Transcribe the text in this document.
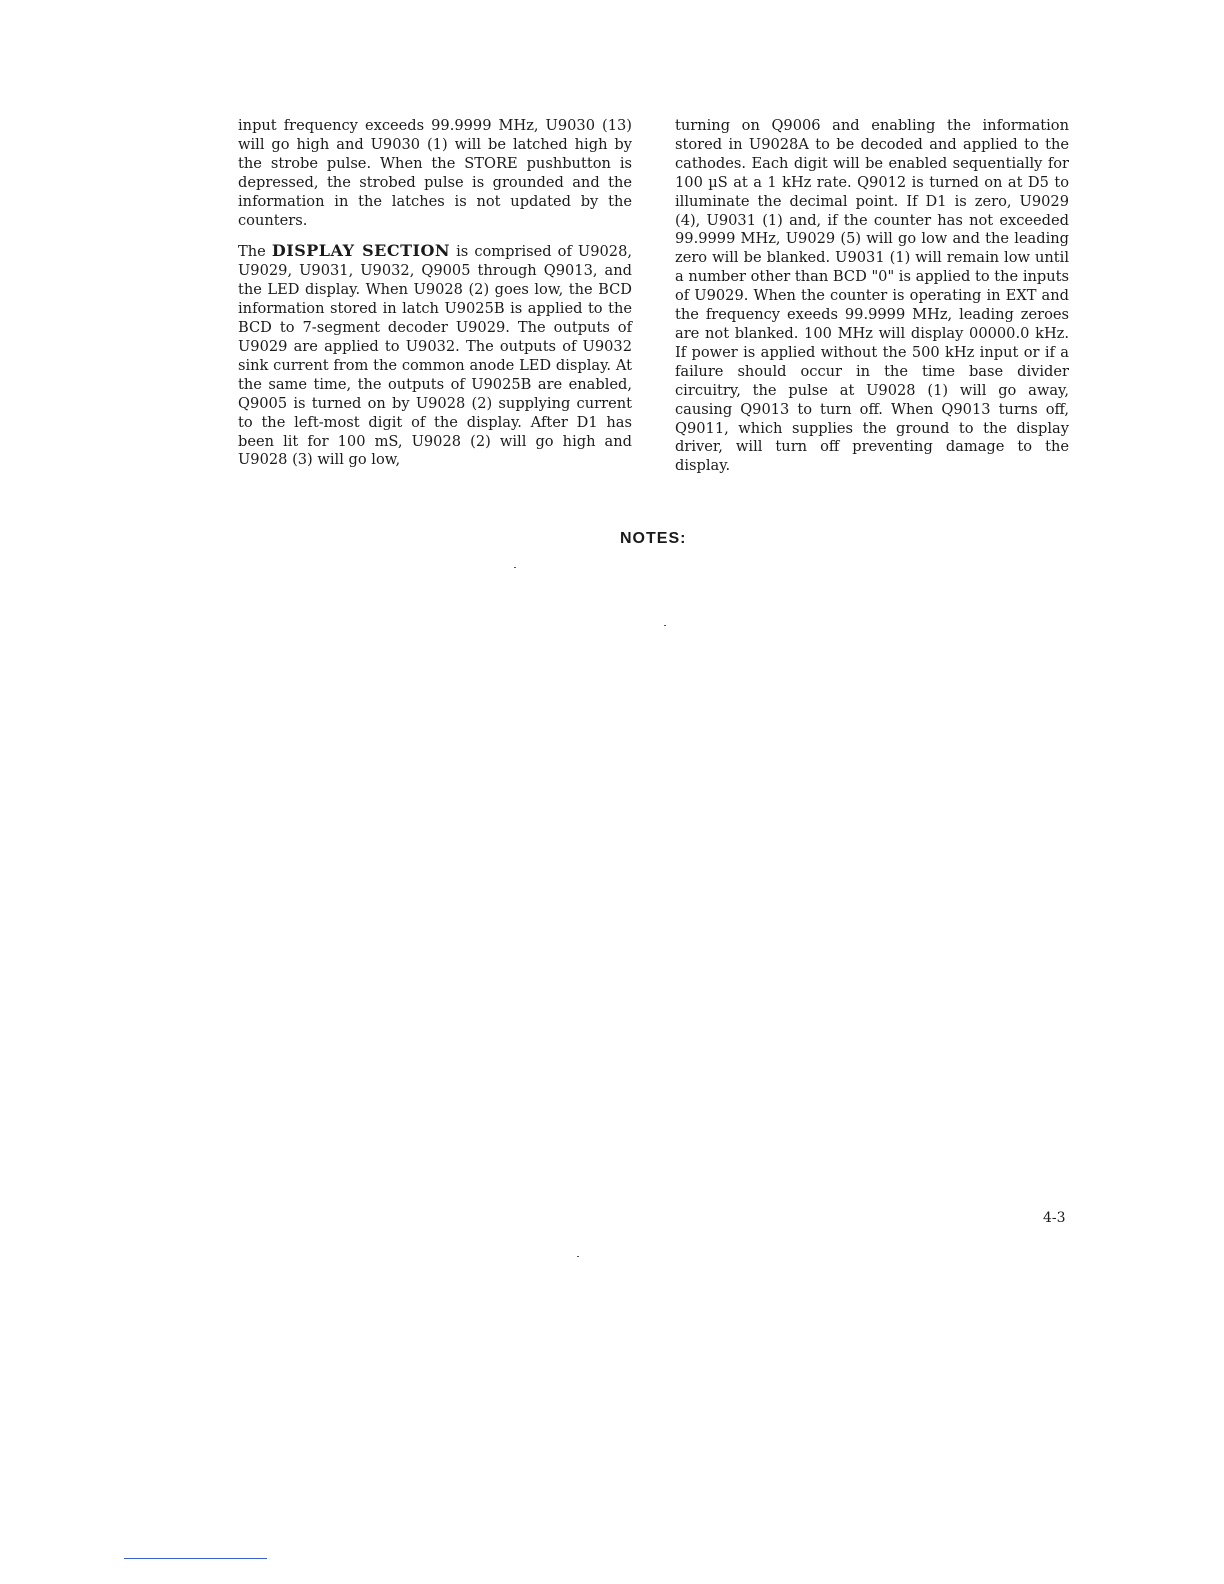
input frequency exceeds 99.9999 MHz, U9030 (13) will go high and U9030 (1) will be latched high by the strobe pulse. When the STORE pushbutton is depressed, the strobed pulse is grounded and the information in the latches is not updated by the counters.

The DISPLAY SECTION is comprised of U9028, U9029, U9031, U9032, Q9005 through Q9013, and the LED display. When U9028 (2) goes low, the BCD information stored in latch U9025B is applied to the BCD to 7-segment decoder U9029. The outputs of U9029 are applied to U9032. The outputs of U9032 sink current from the common anode LED display. At the same time, the outputs of U9025B are enabled, Q9005 is turned on by U9028 (2) supplying current to the left-most digit of the display. After D1 has been lit for 100 mS, U9028 (2) will go high and U9028 (3) will go low,

turning on Q9006 and enabling the information stored in U9028A to be decoded and applied to the cathodes. Each digit will be enabled sequentially for 100 µS at a 1 kHz rate. Q9012 is turned on at D5 to illuminate the decimal point. If D1 is zero, U9029 (4), U9031 (1) and, if the counter has not exceeded 99.9999 MHz, U9029 (5) will go low and the leading zero will be blanked. U9031 (1) will remain low until a number other than BCD "0" is applied to the inputs of U9029. When the counter is operating in EXT and the frequency exeeds 99.9999 MHz, leading zeroes are not blanked. 100 MHz will display 00000.0 kHz. If power is applied without the 500 kHz input or if a failure should occur in the time base divider circuitry, the pulse at U9028 (1) will go away, causing Q9013 to turn off. When Q9013 turns off, Q9011, which supplies the ground to the display driver, will turn off preventing damage to the display.

NOTES:
4-3
